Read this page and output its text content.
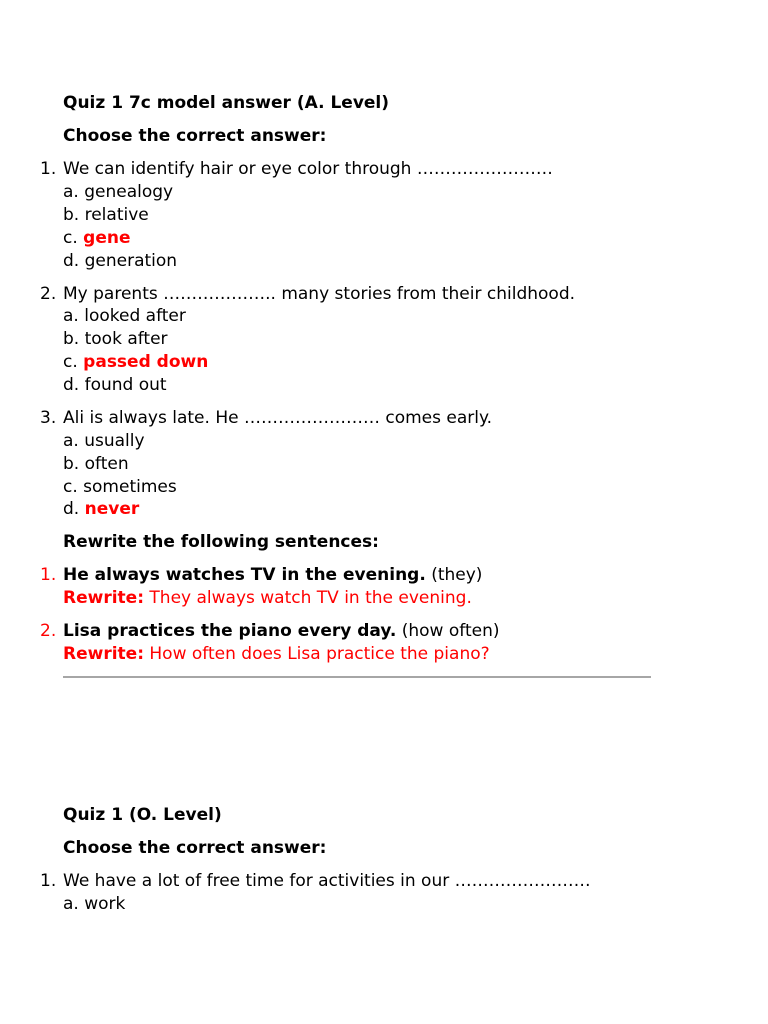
Quiz 1 7c model answer (A. Level)
Choose the correct answer:
1. We can identify hair or eye color through ……………………
a. genealogy
b. relative
c. gene
d. generation
2. My parents ……………….. many stories from their childhood.
a. looked after
b. took after
c. passed down
d. found out
3. Ali is always late. He …………………… comes early.
a. usually
b. often
c. sometimes
d. never
Rewrite the following sentences:
1. He always watches TV in the evening. (they)
Rewrite: They always watch TV in the evening.
2. Lisa practices the piano every day. (how often)
Rewrite: How often does Lisa practice the piano?
Quiz 1 (O. Level)
Choose the correct answer:
1. We have a lot of free time for activities in our ……………………
a. work
